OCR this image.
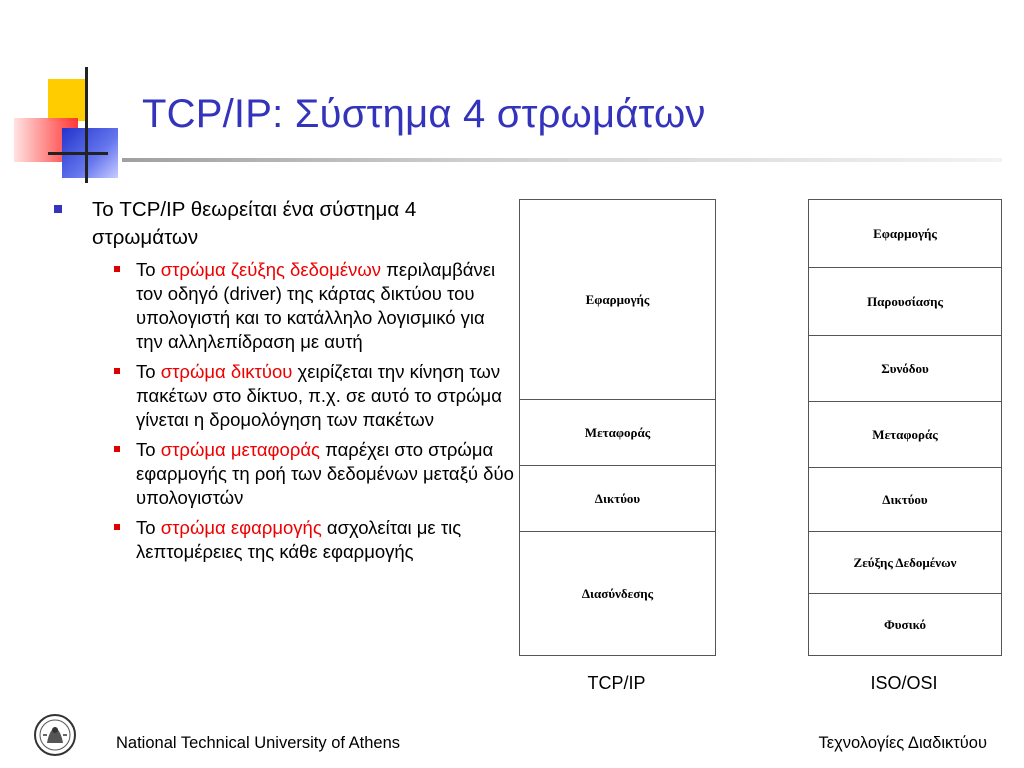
TCP/IP: Σύστημα 4 στρωμάτων
Το TCP/IP θεωρείται ένα σύστημα 4 στρωμάτων
Το στρώμα ζεύξης δεδομένων περιλαμβάνει τον οδηγό (driver) της κάρτας δικτύου του υπολογιστή και το κατάλληλο λογισμικό για την αλληλεπίδραση με αυτή
Το στρώμα δικτύου χειρίζεται την κίνηση των πακέτων στο δίκτυο, π.χ. σε αυτό το στρώμα γίνεται η δρομολόγηση των πακέτων
Το στρώμα μεταφοράς παρέχει στο στρώμα εφαρμογής τη ροή των δεδομένων μεταξύ δύο υπολογιστών
Το στρώμα εφαρμογής ασχολείται με τις λεπτομέρειες της κάθε εφαρμογής
Εφαρμογής
Μεταφοράς
Δικτύου
Διασύνδεσης
TCP/IP
Εφαρμογής
Παρουσίασης
Συνόδου
Μεταφοράς
Δικτύου
Ζεύξης Δεδομένων
Φυσικό
ISO/OSI
National Technical University of Athens	Τεχνολογίες Διαδικτύου
